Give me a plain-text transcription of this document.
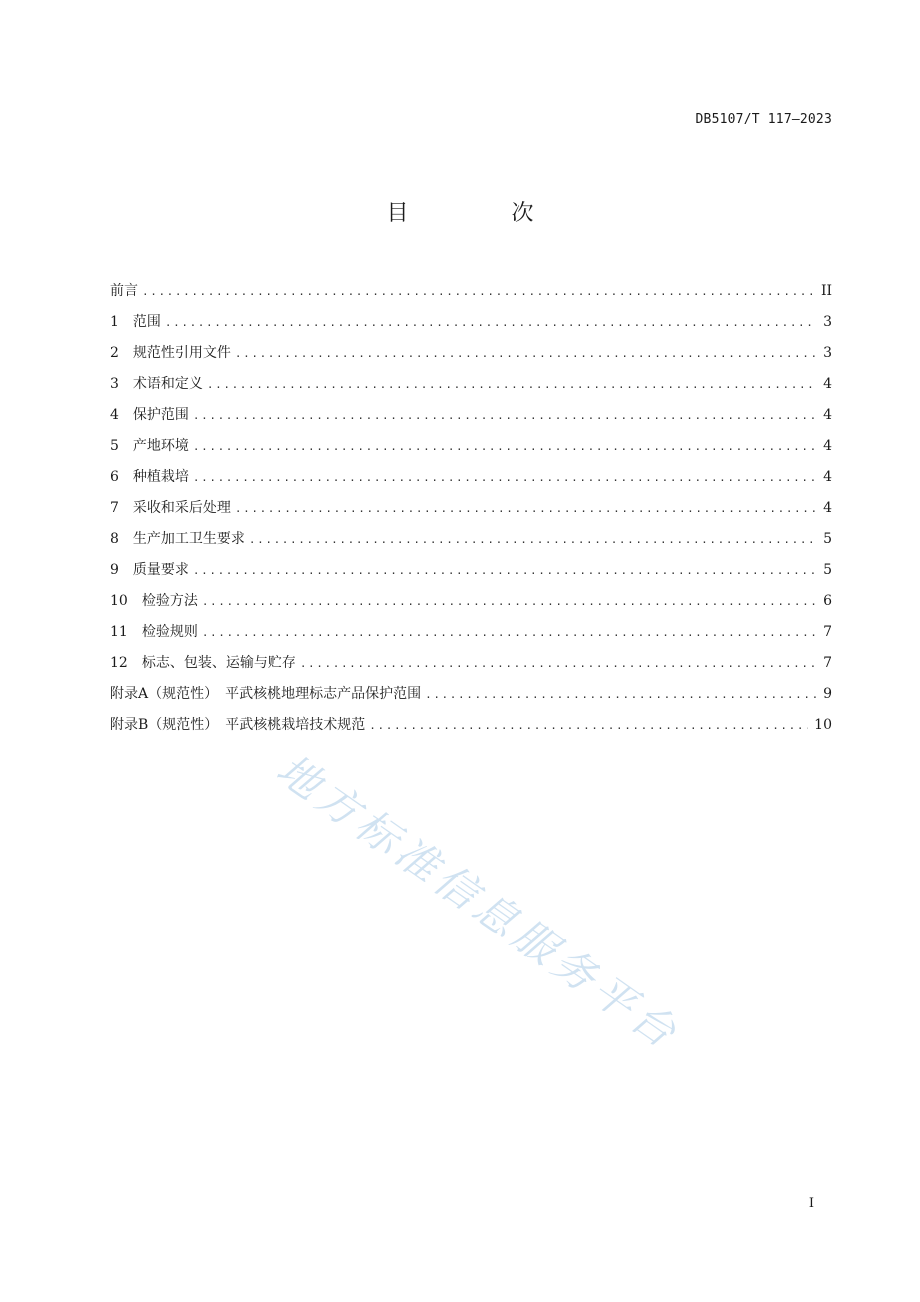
DB5107/T 117—2023
目 次
前言 .....	II
1　范围 .....	3
2　规范性引用文件 .....	3
3　术语和定义 .....	4
4　保护范围 .....	4
5　产地环境 .....	4
6　种植栽培 .....	4
7　采收和采后处理 .....	4
8　生产加工卫生要求 .....	5
9　质量要求 .....	5
10　检验方法 .....	6
11　检验规则 .....	7
12　标志、包装、运输与贮存 .....	7
附录A（规范性）　平武核桃地理标志产品保护范围 .....	9
附录B（规范性）　平武核桃栽培技术规范 .....	10
地方标准信息服务平台
I
